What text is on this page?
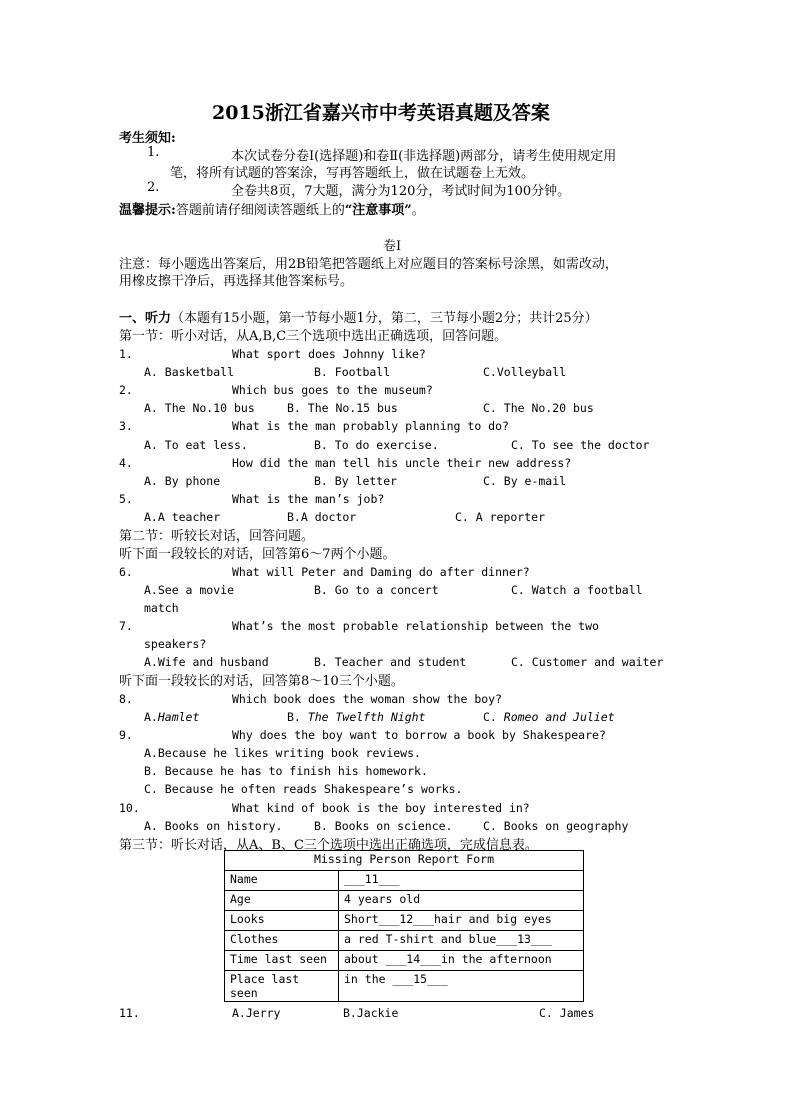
2015浙江省嘉兴市中考英语真题及答案
考生须知:
1.	本次试卷分卷Ⅰ(选择题)和卷Ⅱ(非选择题)两部分，请考生使用规定用
笔，将所有试题的答案涂，写再答题纸上，做在试题卷上无效。
2.	全卷共8页，7大题，满分为120分，考试时间为100分钟。
温馨提示:答题前请仔细阅读答题纸上的“注意事项”。
卷Ⅰ
注意：每小题选出答案后，用2B铅笔把答题纸上对应题目的答案标号涂黑，如需改动，
用橡皮擦干净后，再选择其他答案标号。
一、听力（本题有15小题，第一节每小题1分，第二，三节每小题2分；共计25分）
第一节：听小对话，从A,B,C三个选项中选出正确选项，回答问题。
1.	What sport does Johnny like?
A. Basketball	B. Football	C.Volleyball
2.	Which bus goes to the museum?
A. The No.10 bus	B. The No.15 bus	C. The No.20 bus
3.	What is the man probably planning to do?
A. To eat less.	B. To do exercise.	C. To see the doctor
4.	How did the man tell his uncle their new address?
A. By phone	B. By letter	C. By e-mail
5.	What is the man’s job?
A.A teacher	B.A doctor	C. A reporter
第二节：听较长对话，回答问题。
听下面一段较长的对话，回答第6～7两个小题。
6.	What will Peter and Daming do after dinner?
A.See a movie	B. Go to a concert	C. Watch a football
match
7.	What’s the most probable relationship between the two
speakers?
A.Wife and husband	B. Teacher and student	C. Customer and waiter
听下面一段较长的对话，回答第8～10三个小题。
8.	Which book does the woman show the boy?
A.Hamlet	B. The Twelfth Night	C. Romeo and Juliet
9.	Why does the boy want to borrow a book by Shakespeare?
A.Because he likes writing book reviews.
B. Because he has to finish his homework.
C. Because he often reads Shakespeare’s works.
10.	What kind of book is the boy interested in?
A. Books on history.	B. Books on science.	C. Books on geography
第三节：听长对话，从A、B、C三个选项中选出正确选项，完成信息表。
Missing Person Report Form	
Name	___11___
Age	4 years old
Looks	Short___12___hair and big eyes
Clothes	a red T-shirt and blue___13___
Time last seen	about ___14___in the afternoon
Place last seen	in the ___15___
11.	A.Jerry	B.Jackie	C. James
